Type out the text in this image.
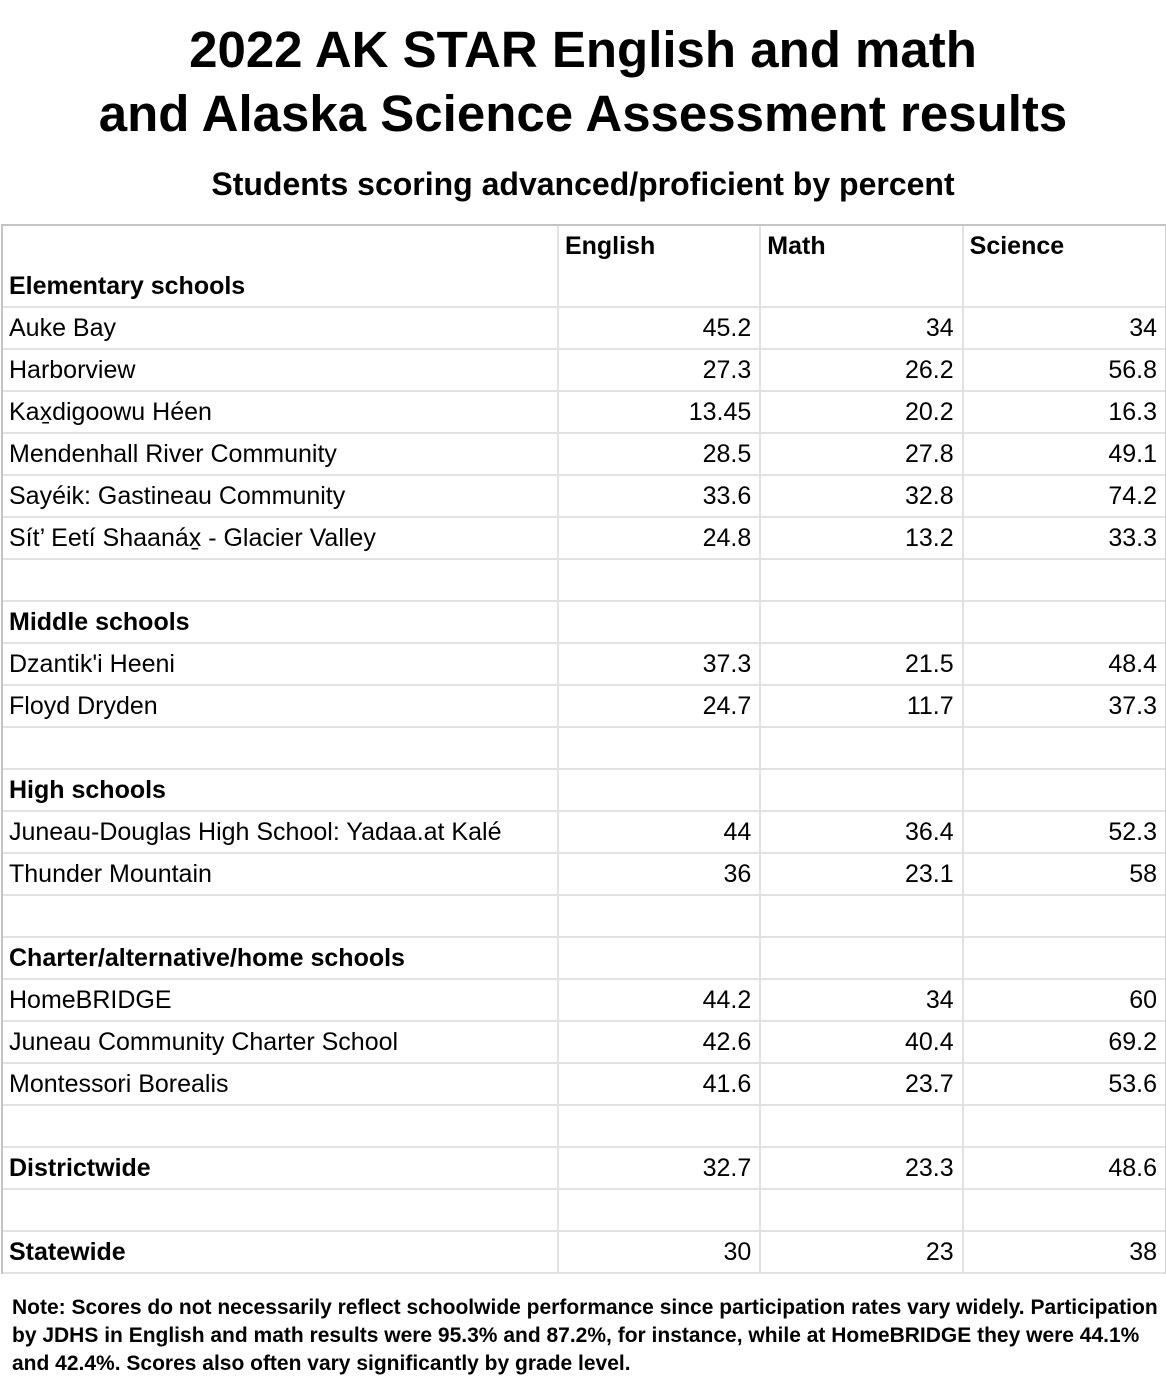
2022 AK STAR English and math
and Alaska Science Assessment results
Students scoring advanced/proficient by percent
	English	Math	Science
Elementary schools			
Auke Bay	45.2	34	34
Harborview	27.3	26.2	56.8
Kax̱digoowu Héen	13.45	20.2	16.3
Mendenhall River Community	28.5	27.8	49.1
Sayéik: Gastineau Community	33.6	32.8	74.2
Sít’ Eetí Shaanáx̱ - Glacier Valley	24.8	13.2	33.3

Middle schools			
Dzantik'i Heeni	37.3	21.5	48.4
Floyd Dryden	24.7	11.7	37.3

High schools			
Juneau-Douglas High School: Yadaa.at Kalé	44	36.4	52.3
Thunder Mountain	36	23.1	58

Charter/alternative/home schools			
HomeBRIDGE	44.2	34	60
Juneau Community Charter School	42.6	40.4	69.2
Montessori Borealis	41.6	23.7	53.6

Districtwide	32.7	23.3	48.6

Statewide	30	23	38
Note: Scores do not necessarily reflect schoolwide performance since participation rates vary widely. Participation by JDHS in English and math results were 95.3% and 87.2%, for instance, while at HomeBRIDGE they were 44.1% and 42.4%. Scores also often vary significantly by grade level.
